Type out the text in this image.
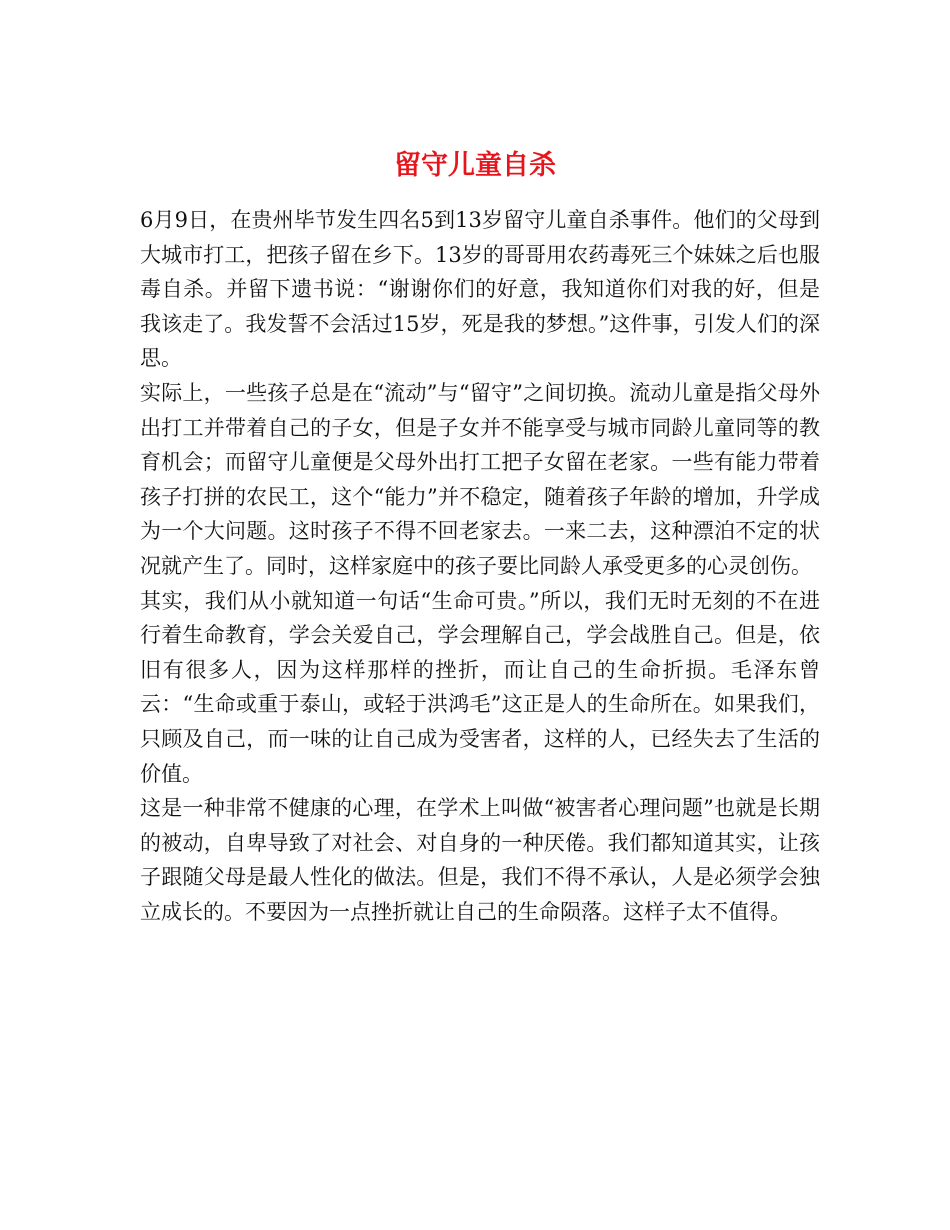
留守儿童自杀

6月9日，在贵州毕节发生四名5到13岁留守儿童自杀事件。他们的父母到大城市打工，把孩子留在乡下。13岁的哥哥用农药毒死三个妹妹之后也服毒自杀。并留下遗书说：“谢谢你们的好意，我知道你们对我的好，但是我该走了。我发誓不会活过15岁，死是我的梦想。”这件事，引发人们的深思。

实际上，一些孩子总是在“流动”与“留守”之间切换。流动儿童是指父母外出打工并带着自己的子女，但是子女并不能享受与城市同龄儿童同等的教育机会；而留守儿童便是父母外出打工把子女留在老家。一些有能力带着孩子打拼的农民工，这个“能力”并不稳定，随着孩子年龄的增加，升学成为一个大问题。这时孩子不得不回老家去。一来二去，这种漂泊不定的状况就产生了。同时，这样家庭中的孩子要比同龄人承受更多的心灵创伤。

其实，我们从小就知道一句话“生命可贵。”所以，我们无时无刻的不在进行着生命教育，学会关爱自己，学会理解自己，学会战胜自己。但是，依旧有很多人，因为这样那样的挫折，而让自己的生命折损。毛泽东曾云：“生命或重于泰山，或轻于洪鸿毛”这正是人的生命所在。如果我们，只顾及自己，而一味的让自己成为受害者，这样的人，已经失去了生活的价值。

这是一种非常不健康的心理，在学术上叫做“被害者心理问题”也就是长期的被动，自卑导致了对社会、对自身的一种厌倦。我们都知道其实，让孩子跟随父母是最人性化的做法。但是，我们不得不承认，人是必须学会独立成长的。不要因为一点挫折就让自己的生命陨落。这样子太不值得。
